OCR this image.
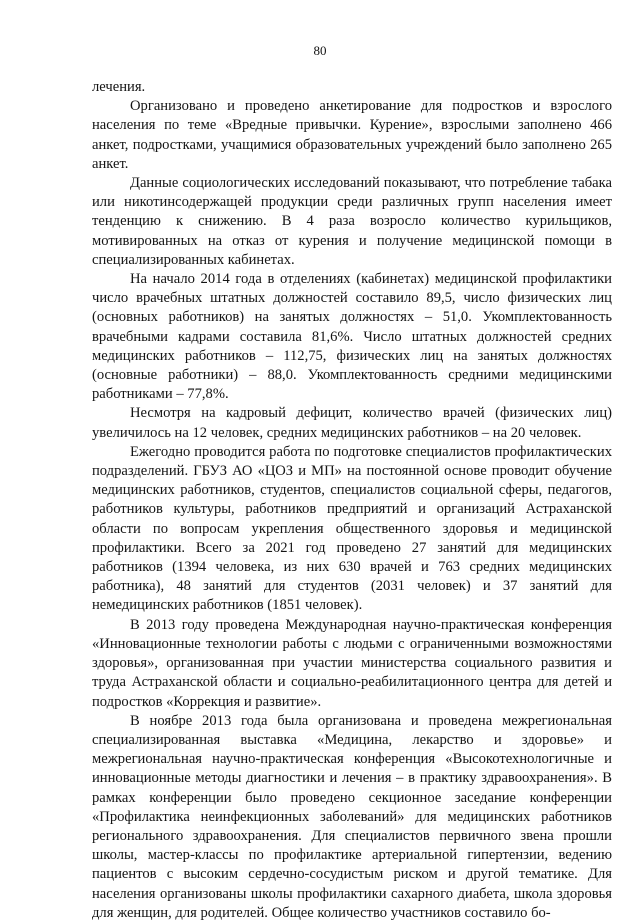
80

лечения.

Организовано и проведено анкетирование для подростков и взрослого населения по теме «Вредные привычки. Курение», взрослыми заполнено 466 анкет, подростками, учащимися образовательных учреждений было заполнено 265 анкет.

Данные социологических исследований показывают, что потребление табака или никотинсодержащей продукции среди различных групп населения имеет тенденцию к снижению. В 4 раза возросло количество курильщиков, мотивированных на отказ от курения и получение медицинской помощи в специализированных кабинетах.

На начало 2014 года в отделениях (кабинетах) медицинской профилактики число врачебных штатных должностей составило 89,5, число физических лиц (основных работников) на занятых должностях – 51,0. Укомплектованность врачебными кадрами составила 81,6%. Число штатных должностей средних медицинских работников – 112,75, физических лиц на занятых должностях (основные работники) – 88,0. Укомплектованность средними медицинскими работниками – 77,8%.

Несмотря на кадровый дефицит, количество врачей (физических лиц) увеличилось на 12 человек, средних медицинских работников – на 20 человек.

Ежегодно проводится работа по подготовке специалистов профилактических подразделений. ГБУЗ АО «ЦОЗ и МП» на постоянной основе проводит обучение медицинских работников, студентов, специалистов социальной сферы, педагогов, работников культуры, работников предприятий и организаций Астраханской области по вопросам укрепления общественного здоровья и медицинской профилактики. Всего за 2021 год проведено 27 занятий для медицинских работников (1394 человека, из них 630 врачей и 763 средних медицинских работника), 48 занятий для студентов (2031 человек) и 37 занятий для немедицинских работников (1851 человек).

В 2013 году проведена Международная научно-практическая конференция «Инновационные технологии работы с людьми с ограниченными возможностями здоровья», организованная при участии министерства социального развития и труда Астраханской области и социально-реабилитационного центра для детей и подростков «Коррекция и развитие».

В ноябре 2013 года была организована и проведена межрегиональная специализированная выставка «Медицина, лекарство и здоровье» и межрегиональная научно-практическая конференция «Высокотехнологичные и инновационные методы диагностики и лечения – в практику здравоохранения». В рамках конференции было проведено секционное заседание конференции «Профилактика неинфекционных заболеваний» для медицинских работников регионального здравоохранения. Для специалистов первичного звена прошли школы, мастер-классы по профилактике артериальной гипертензии, ведению пациентов с высоким сердечно-сосудистым риском и другой тематике. Для населения организованы школы профилактики сахарного диабета, школа здоровья для женщин, для родителей. Общее количество участников составило бо-
